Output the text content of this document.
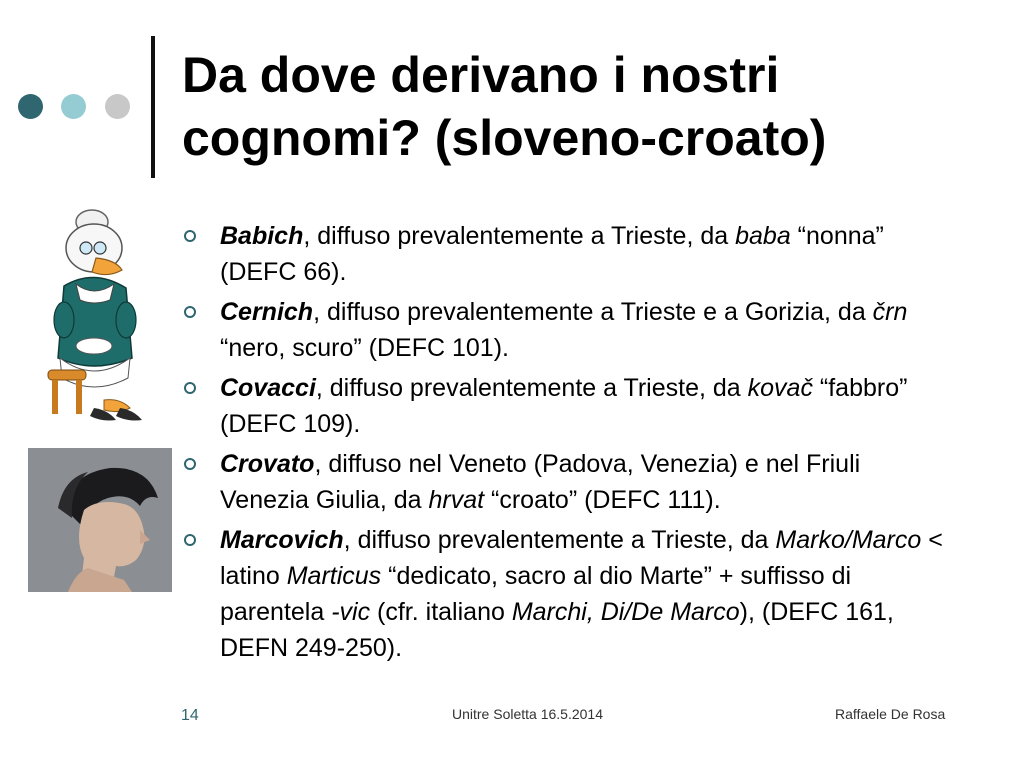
Da dove derivano i nostri cognomi? (sloveno-croato)
Babich, diffuso prevalentemente a Trieste, da baba “nonna” (DEFC 66).
Cernich, diffuso prevalentemente a Trieste e a Gorizia, da črn “nero, scuro” (DEFC 101).
Covacci, diffuso prevalentemente a Trieste, da kovač “fabbro” (DEFC 109).
Crovato, diffuso nel Veneto (Padova, Venezia) e nel Friuli Venezia Giulia, da hrvat “croato” (DEFC 111).
Marcovich, diffuso prevalentemente a Trieste, da Marko/Marco < latino Marticus “dedicato, sacro al dio Marte” + suffisso di parentela -vic (cfr. italiano Marchi, Di/De Marco), (DEFC 161, DEFN 249-250).
14	Unitre Soletta 16.5.2014	Raffaele De Rosa
